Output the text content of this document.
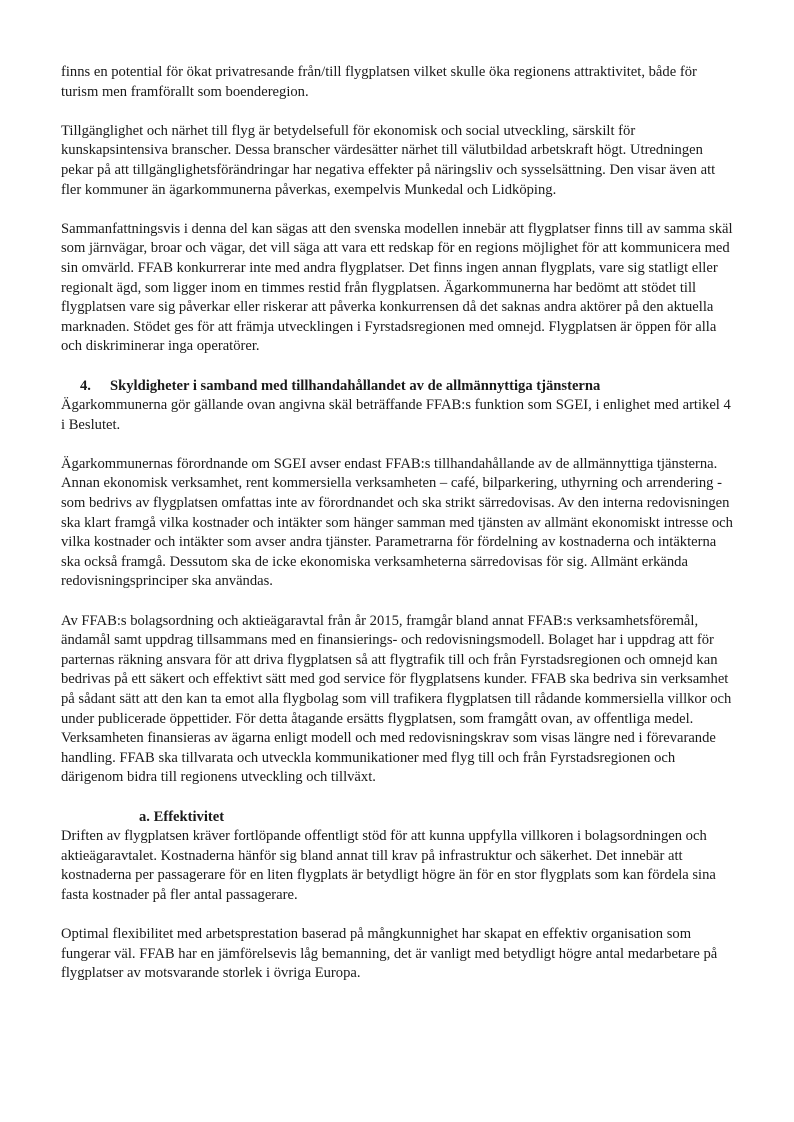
finns en potential för ökat privatresande från/till flygplatsen vilket skulle öka regionens attraktivitet, både för turism men framförallt som boenderegion.

Tillgänglighet och närhet till flyg är betydelsefull för ekonomisk och social utveckling, särskilt för kunskapsintensiva branscher. Dessa branscher värdesätter närhet till välutbildad arbetskraft högt. Utredningen pekar på att tillgänglighetsförändringar har negativa effekter på näringsliv och sysselsättning. Den visar även att fler kommuner än ägarkommunerna påverkas, exempelvis Munkedal och Lidköping.

Sammanfattningsvis i denna del kan sägas att den svenska modellen innebär att flygplatser finns till av samma skäl som järnvägar, broar och vägar, det vill säga att vara ett redskap för en regions möjlighet för att kommunicera med sin omvärld. FFAB konkurrerar inte med andra flygplatser. Det finns ingen annan flygplats, vare sig statligt eller regionalt ägd, som ligger inom en timmes restid från flygplatsen. Ägarkommunerna har bedömt att stödet till flygplatsen vare sig påverkar eller riskerar att påverka konkurrensen då det saknas andra aktörer på den aktuella marknaden. Stödet ges för att främja utvecklingen i Fyrstadsregionen med omnejd. Flygplatsen är öppen för alla och diskriminerar inga operatörer.

4. Skyldigheter i samband med tillhandahållandet av de allmännyttiga tjänsterna

Ägarkommunerna gör gällande ovan angivna skäl beträffande FFAB:s funktion som SGEI, i enlighet med artikel 4 i Beslutet.

Ägarkommunernas förordnande om SGEI avser endast FFAB:s tillhandahållande av de allmännyttiga tjänsterna. Annan ekonomisk verksamhet, rent kommersiella verksamheten – café, bilparkering, uthyrning och arrendering - som bedrivs av flygplatsen omfattas inte av förordnandet och ska strikt särredovisas. Av den interna redovisningen ska klart framgå vilka kostnader och intäkter som hänger samman med tjänsten av allmänt ekonomiskt intresse och vilka kostnader och intäkter som avser andra tjänster. Parametrarna för fördelning av kostnaderna och intäkterna ska också framgå. Dessutom ska de icke ekonomiska verksamheterna särredovisas för sig. Allmänt erkända redovisningsprinciper ska användas.

Av FFAB:s bolagsordning och aktieägaravtal från år 2015, framgår bland annat FFAB:s verksamhetsföremål, ändamål samt uppdrag tillsammans med en finansierings- och redovisningsmodell. Bolaget har i uppdrag att för parternas räkning ansvara för att driva flygplatsen så att flygtrafik till och från Fyrstadsregionen och omnejd kan bedrivas på ett säkert och effektivt sätt med god service för flygplatsens kunder. FFAB ska bedriva sin verksamhet på sådant sätt att den kan ta emot alla flygbolag som vill trafikera flygplatsen till rådande kommersiella villkor och under publicerade öppettider. För detta åtagande ersätts flygplatsen, som framgått ovan, av offentliga medel. Verksamheten finansieras av ägarna enligt modell och med redovisningskrav som visas längre ned i förevarande handling. FFAB ska tillvarata och utveckla kommunikationer med flyg till och från Fyrstadsregionen och därigenom bidra till regionens utveckling och tillväxt.

a. Effektivitet

Driften av flygplatsen kräver fortlöpande offentligt stöd för att kunna uppfylla villkoren i bolagsordningen och aktieägaravtalet. Kostnaderna hänför sig bland annat till krav på infrastruktur och säkerhet. Det innebär att kostnaderna per passagerare för en liten flygplats är betydligt högre än för en stor flygplats som kan fördela sina fasta kostnader på fler antal passagerare.

Optimal flexibilitet med arbetsprestation baserad på mångkunnighet har skapat en effektiv organisation som fungerar väl. FFAB har en jämförelsevis låg bemanning, det är vanligt med betydligt högre antal medarbetare på flygplatser av motsvarande storlek i övriga Europa.
